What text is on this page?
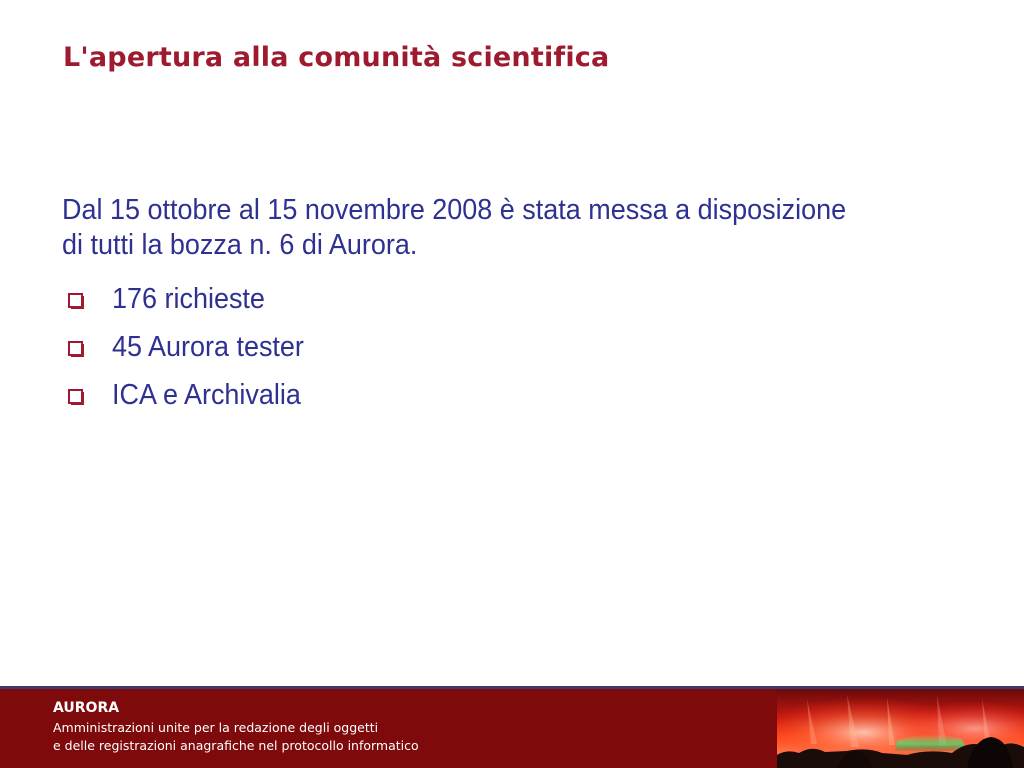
L'apertura alla comunità scientifica

Dal 15 ottobre al 15 novembre 2008 è stata messa a disposizione di tutti la bozza n. 6 di Aurora.

176 richieste
45 Aurora tester
ICA e Archivalia
AURORA
Amministrazioni unite per la redazione degli oggetti
e delle registrazioni anagrafiche nel protocollo informatico
